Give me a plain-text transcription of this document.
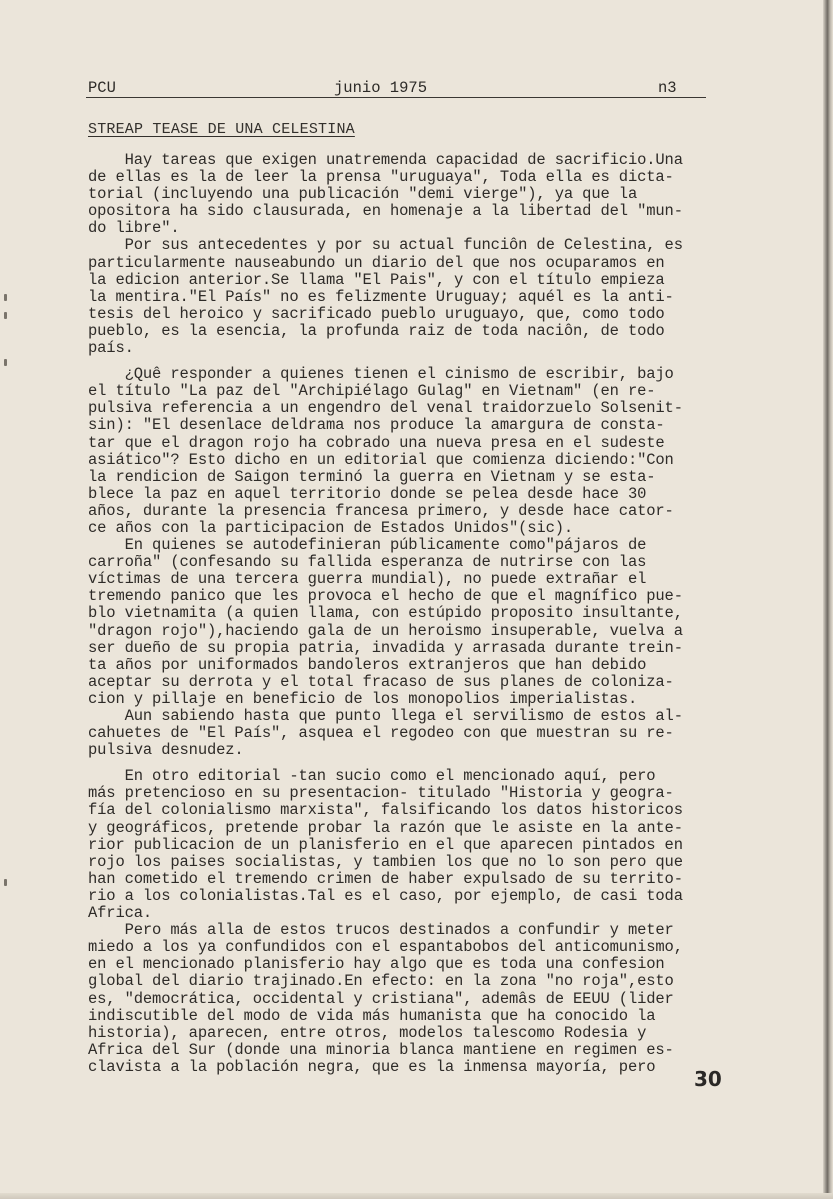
PCU	junio 1975	n3
STREAP TEASE DE UNA CELESTINA
Hay tareas que exigen unatremenda capacidad de sacrificio.Una
de ellas es la de leer la prensa "uruguaya", Toda ella es dicta-
torial (incluyendo una publicación "demi vierge"), ya que la
opositora ha sido clausurada, en homenaje a la libertad del "mun-
do libre".
Por sus antecedentes y por su actual funciôn de Celestina, es
particularmente nauseabundo un diario del que nos ocuparamos en
la edicion anterior.Se llama "El Pais", y con el título empieza
la mentira."El País" no es felizmente Uruguay; aquél es la anti-
tesis del heroico y sacrificado pueblo uruguayo, que, como todo
pueblo, es la esencia, la profunda raiz de toda naciôn, de todo
país.
¿Quê responder a quienes tienen el cinismo de escribir, bajo
el título "La paz del "Archipiélago Gulag" en Vietnam" (en re-
pulsiva referencia a un engendro del venal traidorzuelo Solsenit-
sin): "El desenlace deldrama nos produce la amargura de consta-
tar que el dragon rojo ha cobrado una nueva presa en el sudeste
asiático"? Esto dicho en un editorial que comienza diciendo:"Con
la rendicion de Saigon terminó la guerra en Vietnam y se esta-
blece la paz en aquel territorio donde se pelea desde hace 30
años, durante la presencia francesa primero, y desde hace cator-
ce años con la participacion de Estados Unidos"(sic).
En quienes se autodefinieran públicamente como"pájaros de
carroña" (confesando su fallida esperanza de nutrirse con las
víctimas de una tercera guerra mundial), no puede extrañar el
tremendo panico que les provoca el hecho de que el magnífico pue-
blo vietnamita (a quien llama, con estúpido proposito insultante,
"dragon rojo"),haciendo gala de un heroismo insuperable, vuelva a
ser dueño de su propia patria, invadida y arrasada durante trein-
ta años por uniformados bandoleros extranjeros que han debido
aceptar su derrota y el total fracaso de sus planes de coloniza-
cion y pillaje en beneficio de los monopolios imperialistas.
Aun sabiendo hasta que punto llega el servilismo de estos al-
cahuetes de "El País", asquea el regodeo con que muestran su re-
pulsiva desnudez.
En otro editorial -tan sucio como el mencionado aquí, pero
más pretencioso en su presentacion- titulado "Historia y geogra-
fía del colonialismo marxista", falsificando los datos historicos
y geográficos, pretende probar la razón que le asiste en la ante-
rior publicacion de un planisferio en el que aparecen pintados en
rojo los paises socialistas, y tambien los que no lo son pero que
han cometido el tremendo crimen de haber expulsado de su territo-
rio a los colonialistas.Tal es el caso, por ejemplo, de casi toda
Africa.
Pero más alla de estos trucos destinados a confundir y meter
miedo a los ya confundidos con el espantabobos del anticomunismo,
en el mencionado planisferio hay algo que es toda una confesion
global del diario trajinado.En efecto: en la zona "no roja",esto
es, "democrática, occidental y cristiana", ademâs de EEUU (lider
indiscutible del modo de vida más humanista que ha conocido la
historia), aparecen, entre otros, modelos talescomo Rodesia y
Africa del Sur (donde una minoria blanca mantiene en regimen es-
clavista a la población negra, que es la inmensa mayoría, pero
30
